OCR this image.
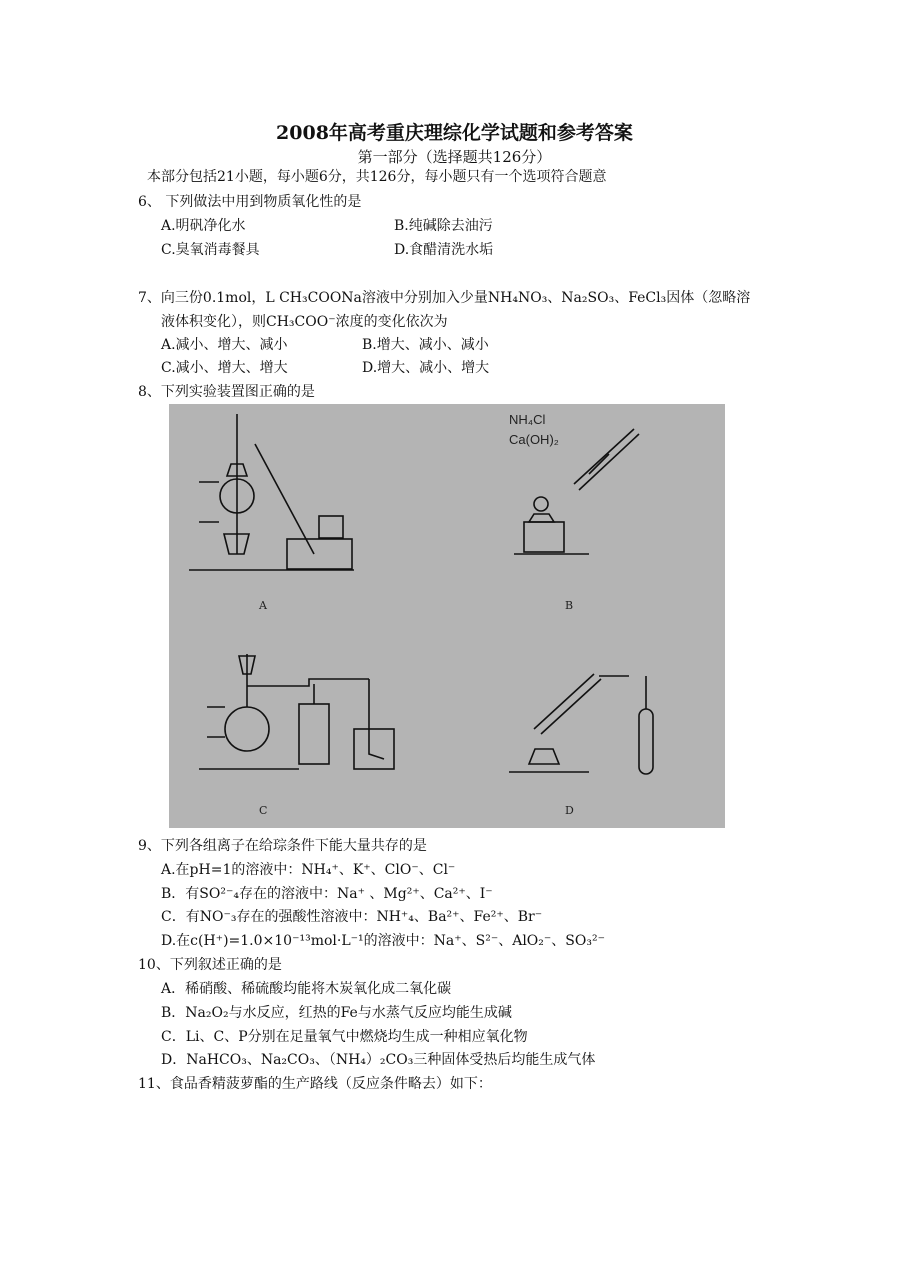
2008年高考重庆理综化学试题和参考答案
第一部分（选择题共126分）
本部分包括21小题，每小题6分，共126分，每小题只有一个选项符合题意
6、 下列做法中用到物质氧化性的是
A.明矾净化水	B.纯碱除去油污
C.臭氧消毒餐具	D.食醋清洗水垢
7、向三份0.1mol，L CH₃COONa溶液中分别加入少量NH₄NO₃、Na₂SO₃、FeCl₃因体（忽略溶
液体积变化），则CH₃COO⁻浓度的变化依次为
A.减小、增大、减小	B.增大、减小、减小
C.减小、增大、增大	D.增大、减小、增大
8、下列实验装置图正确的是
A	B
C	D
NH₄Cl
Ca(OH)₂
9、下列各组离子在给琮条件下能大量共存的是
A.在pH=1的溶液中：NH₄⁺、K⁺、ClO⁻、Cl⁻
B．有SO²⁻₄存在的溶液中：Na⁺ 、Mg²⁺、Ca²⁺、I⁻
C．有NO⁻₃存在的强酸性溶液中：NH⁺₄、Ba²⁺、Fe²⁺、Br⁻
D.在c(H⁺)=1.0×10⁻¹³mol·L⁻¹的溶液中：Na⁺、S²⁻、AlO₂⁻、SO₃²⁻
10、下列叙述正确的是
A．稀硝酸、稀硫酸均能将木炭氧化成二氧化碳
B．Na₂O₂与水反应，红热的Fe与水蒸气反应均能生成碱
C．Li、C、P分别在足量氧气中燃烧均生成一种相应氧化物
D．NaHCO₃、Na₂CO₃、（NH₄）₂CO₃三种固体受热后均能生成气体
11、食品香精菠萝酯的生产路线（反应条件略去）如下：
